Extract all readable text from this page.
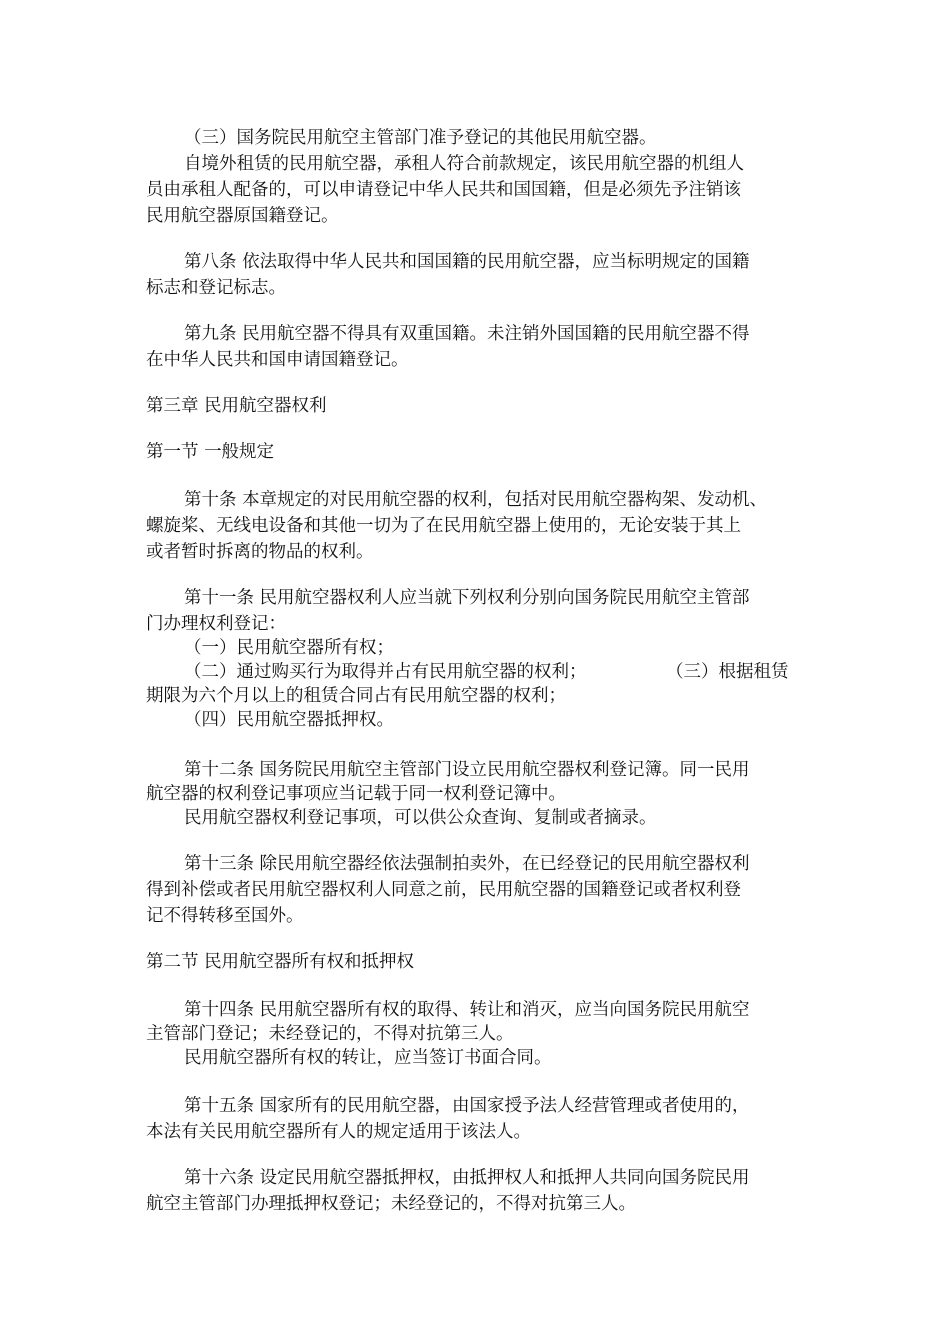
（三）国务院民用航空主管部门准予登记的其他民用航空器。
自境外租赁的民用航空器，承租人符合前款规定，该民用航空器的机组人
员由承租人配备的，可以申请登记中华人民共和国国籍，但是必须先予注销该
民用航空器原国籍登记。
第八条 依法取得中华人民共和国国籍的民用航空器，应当标明规定的国籍
标志和登记标志。
第九条 民用航空器不得具有双重国籍。未注销外国国籍的民用航空器不得
在中华人民共和国申请国籍登记。
第三章 民用航空器权利
第一节 一般规定
第十条 本章规定的对民用航空器的权利，包括对民用航空器构架、发动机、
螺旋桨、无线电设备和其他一切为了在民用航空器上使用的，无论安装于其上
或者暂时拆离的物品的权利。
第十一条 民用航空器权利人应当就下列权利分别向国务院民用航空主管部
门办理权利登记：
（一）民用航空器所有权；
（二）通过购买行为取得并占有民用航空器的权利；	（三）根据租赁
期限为六个月以上的租赁合同占有民用航空器的权利；
（四）民用航空器抵押权。
第十二条 国务院民用航空主管部门设立民用航空器权利登记簿。同一民用
航空器的权利登记事项应当记载于同一权利登记簿中。
民用航空器权利登记事项，可以供公众查询、复制或者摘录。
第十三条 除民用航空器经依法强制拍卖外，在已经登记的民用航空器权利
得到补偿或者民用航空器权利人同意之前，民用航空器的国籍登记或者权利登
记不得转移至国外。
第二节 民用航空器所有权和抵押权
第十四条 民用航空器所有权的取得、转让和消灭，应当向国务院民用航空
主管部门登记；未经登记的，不得对抗第三人。
民用航空器所有权的转让，应当签订书面合同。
第十五条 国家所有的民用航空器，由国家授予法人经营管理或者使用的，
本法有关民用航空器所有人的规定适用于该法人。
第十六条 设定民用航空器抵押权，由抵押权人和抵押人共同向国务院民用
航空主管部门办理抵押权登记；未经登记的，不得对抗第三人。
